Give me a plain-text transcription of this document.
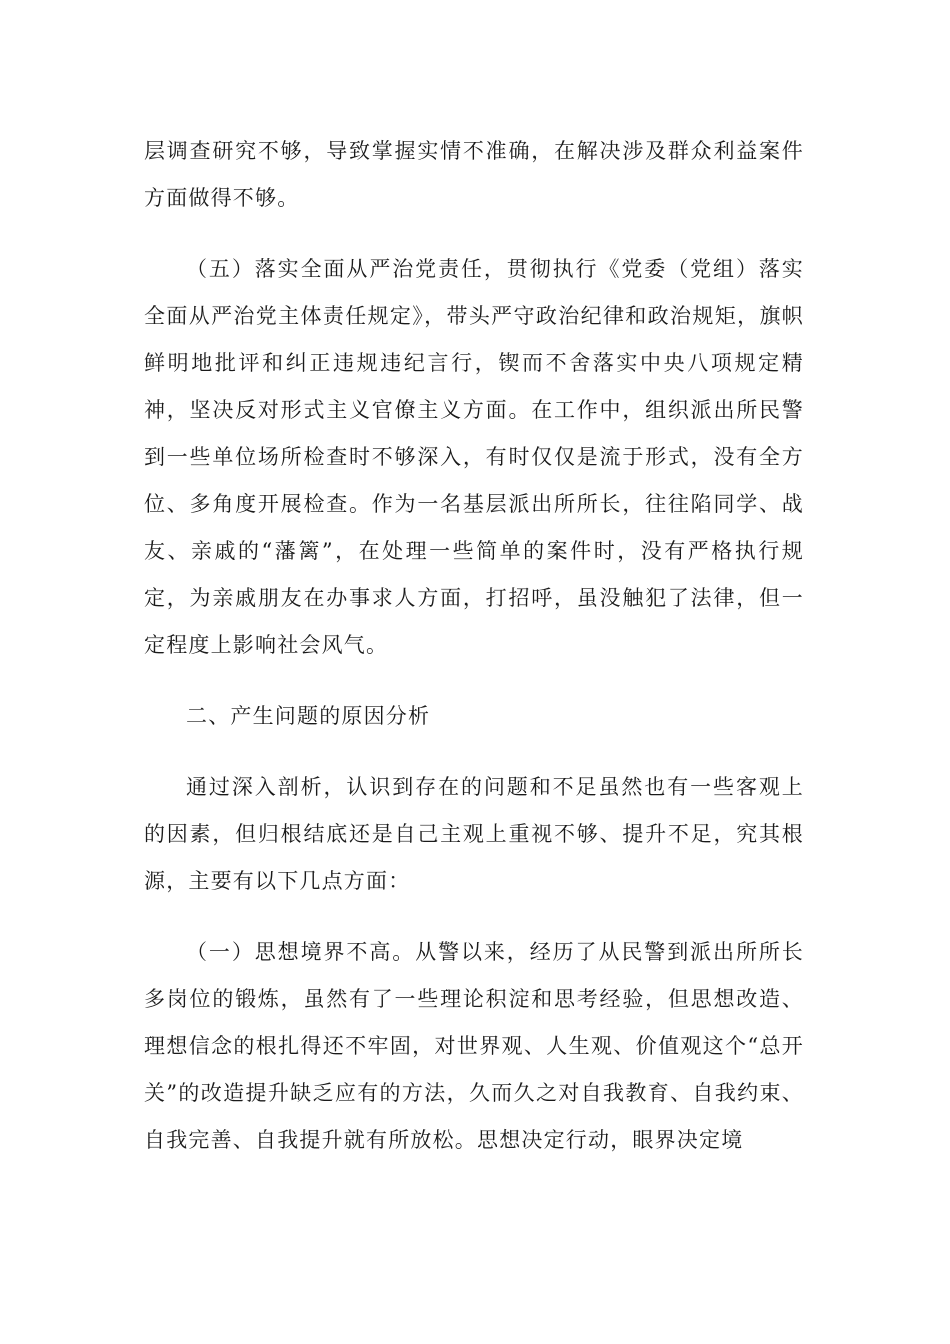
层调查研究不够，导致掌握实情不准确，在解决涉及群众利益案件方面做得不够。

（五）落实全面从严治党责任，贯彻执行《党委（党组）落实全面从严治党主体责任规定》，带头严守政治纪律和政治规矩，旗帜鲜明地批评和纠正违规违纪言行，锲而不舍落实中央八项规定精神，坚决反对形式主义官僚主义方面。在工作中，组织派出所民警到一些单位场所检查时不够深入，有时仅仅是流于形式，没有全方位、多角度开展检查。作为一名基层派出所所长，往往陷同学、战友、亲戚的“藩篱”，在处理一些简单的案件时，没有严格执行规定，为亲戚朋友在办事求人方面，打招呼，虽没触犯了法律，但一定程度上影响社会风气。

二、产生问题的原因分析

通过深入剖析，认识到存在的问题和不足虽然也有一些客观上的因素，但归根结底还是自己主观上重视不够、提升不足，究其根源，主要有以下几点方面：

（一）思想境界不高。从警以来，经历了从民警到派出所所长多岗位的锻炼，虽然有了一些理论积淀和思考经验，但思想改造、理想信念的根扎得还不牢固，对世界观、人生观、价值观这个“总开关”的改造提升缺乏应有的方法，久而久之对自我教育、自我约束、自我完善、自我提升就有所放松。思想决定行动，眼界决定境
